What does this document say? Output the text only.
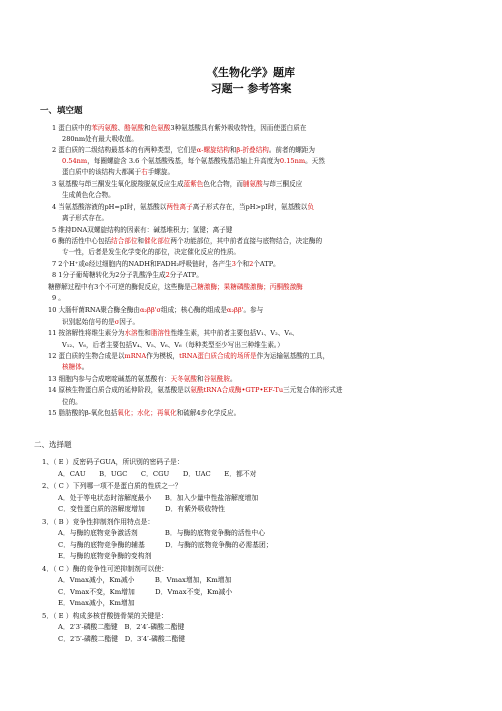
《生物化学》题库
习题一 参考答案
一、填空题
1 蛋白质中的苯丙氨酸、酪氨酸和色氨酸3种氨基酸具有紫外吸收特性，因而使蛋白质在
280nm处有最大吸收值。
2 蛋白质的二级结构最基本的有两种类型，它们是α-螺旋结构和β-折叠结构。前者的螺距为
0.54nm，每圈螺旋含 3.6 个氨基酸残基，每个氨基酸残基沿轴上升高度为0.15nm。天然
蛋白质中的该结构大都属于右手螺旋。
3 氨基酸与茚三酮发生氧化脱羧脱氨反应生成蓝紫色色化合物，而脯氨酸与茚三酮反应
生成黄色化合物。
4 当氨基酸溶液的pH=pI时，氨基酸以两性离子离子形式存在，当pH>pI时，氨基酸以负
离子形式存在。
5 维持DNA双螺旋结构的因素有：碱基堆积力；氢键；离子键
6 酶的活性中心包括结合部位和催化部位两个功能部位，其中前者直接与底物结合，决定酶的
专一性，后者是发生化学变化的部位，决定催化反应的性质。
7 2个H⁺或e经过细胞内的NADH和FADH₂呼吸链时，各产生3个和2个ATP。
8 1分子葡萄糖转化为2分子乳酸净生成2分子ATP。
糖酵解过程中有3个不可逆的酶促反应，这些酶是己糖激酶；果糖磷酸激酶；丙酮酸激酶
9 。
10 大肠杆菌RNA聚合酶全酶由α₂ββ'σ组成；核心酶的组成是α₂ββ'。参与
识别起始信号的是σ因子。
11 按溶解性将维生素分为水溶性和脂溶性性维生素，其中前者主要包括V₁、V₂、V₆、
V₁₂、V₆，后者主要包括V₄、V₅、V₆、V₆（每种类型至少写出三种维生素。）
12 蛋白质的生物合成是以mRNA作为模板，tRNA蛋白质合成的场所是作为运输氨基酸的工具，
核糖体。
13 细胞内参与合成嘧啶碱基的氨基酸有：天冬氨酸和谷氨酰胺。
14 原核生物蛋白质合成的延伸阶段，氨基酸是以氨酰tRNA合成酶•GTP•EF-Tu三元复合体的形式进
位的。
15 脂肪酸的β-氧化包括氧化；水化；再氧化和硫解4步化学反应。
二、选择题
1、（ E ）反密码子GUA，所识别的密码子是：
A．CAU　　B．UGC　　C．CGU　　D．UAC　　E．都不对
2、（ C ）下列哪一项不是蛋白质的性质之一？
A．处于等电状态时溶解度最小　　B．加入少量中性盐溶解度增加
C．变性蛋白质的溶解度增加　　　D．有紫外吸收特性
3．（ B ）竞争性抑制剂作用特点是：
A．与酶的底物竞争激活剂　　　　B．与酶的底物竞争酶的活性中心
C．与酶的底物竞争酶的辅基　　　D．与酶的底物竞争酶的必需基团；
E．与酶的底物竞争酶的变构剂
4．（ C ）酶的竞争性可逆抑制剂可以使：
A．Vmax减小，Km减小　　　B．Vmax增加，Km增加
C．Vmax不变，Km增加　　　D．Vmax不变，Km减小
E．Vmax减小，Km增加
5．（ E ）构成多核苷酸链骨架的关键是：
A．2′3′-磷酸二酯键　B．2′4′-磷酸二酯键
C．2′5′-磷酸二酯键　D．3′4′-磷酸二酯键
